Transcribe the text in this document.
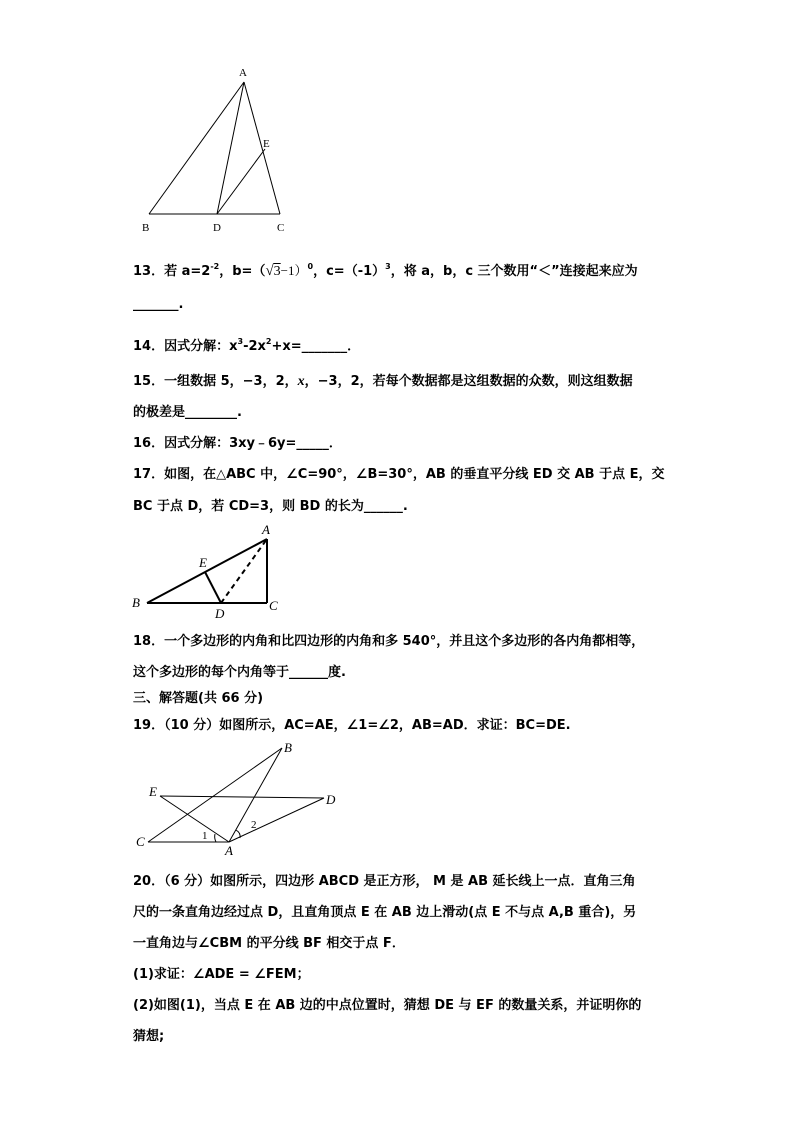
A
E
B	D	C
13．若 $a=2^{-2}$，$b=(√3-1)^0$，$c=(-1)^3$，将 a，b，c 三个数用“＜”连接起来应为
_______.
14．因式分解：$x^3-2x^2+x=\_\_\_\_\_\_\_$．
15．一组数据 5，−3，2，x，−3，2，若每个数据都是这组数据的众数，则这组数据
的极差是________.
16．因式分解：3xy﹣6y=_____．
17．如图，在△ABC 中，∠C=90°，∠B=30°，AB 的垂直平分线 ED 交 AB 于点 E，交
BC 于点 D，若 CD=3，则 BD 的长为______.
A
E
B
D
C
18．一个多边形的内角和比四边形的内角和多 540°，并且这个多边形的各内角都相等，
这个多边形的每个内角等于______度.
三、解答题(共 66 分)
19．（10 分）如图所示，AC=AE，∠1=∠2，AB=AD．求证：BC=DE.
B
E
D
C
A
1
2
20．（6 分）如图所示，四边形 ABCD 是正方形， M 是 AB 延长线上一点．直角三角
尺的一条直角边经过点 D，且直角顶点 E 在 AB 边上滑动(点 E 不与点 A,B 重合)，另
一直角边与∠CBM 的平分线 BF 相交于点 F．
(1)求证：∠ADE = ∠FEM；
(2)如图(1)，当点 E 在 AB 边的中点位置时，猜想 DE 与 EF 的数量关系，并证明你的
猜想;
